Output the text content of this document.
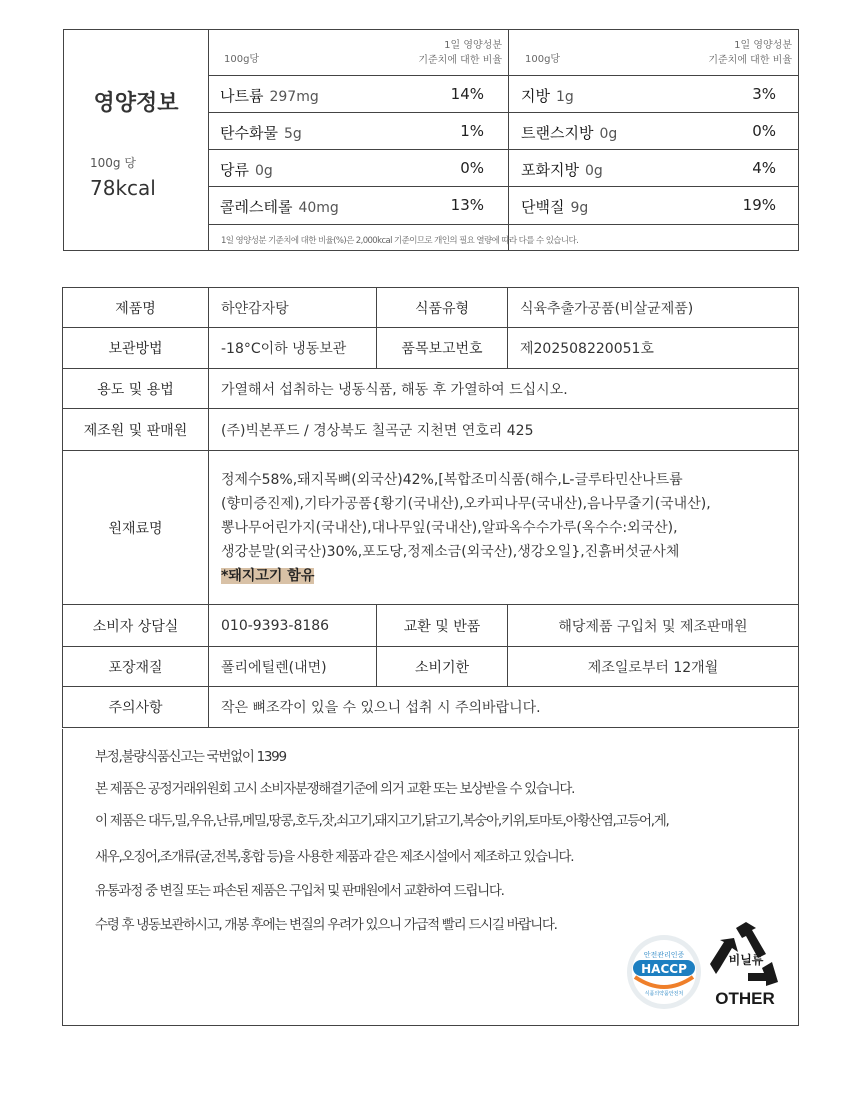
영양정보
100g 당
78kcal
100g당
1일 영양성분
기준치에 대한 비율
나트륨 297mg	14%
탄수화물 5g	1%
당류 0g	0%
콜레스테롤 40mg	13%
100g당
1일 영양성분
기준치에 대한 비율
지방 1g	3%
트랜스지방 0g	0%
포화지방 0g	4%
단백질 9g	19%
1일 영양성분 기준치에 대한 비율(%)은 2,000kcal 기준이므로 개인의 필요 열량에 따라 다를 수 있습니다.
제품명	하얀감자탕	식품유형	식육추출가공품(비살균제품)
보관방법	-18°C이하 냉동보관	품목보고번호	제202508220051호
용도 및 용법	가열해서 섭취하는 냉동식품, 해동 후 가열하여 드십시오.		
제조원 및 판매원	(주)빅본푸드 / 경상북도 칠곡군 지천면 연호리 425		
원재료명	정제수58%,돼지목뼈(외국산)42%,[복합조미식품(해수,L-글루타민산나트륨
(향미증진제),기타가공품{황기(국내산),오카피나무(국내산),음나무줄기(국내산),
뽕나무어린가지(국내산),대나무잎(국내산),알파옥수수가루(옥수수:외국산),
생강분말(외국산)30%,포도당,정제소금(외국산),생강오일},진흙버섯균사체
*돼지고기 함유		

소비자 상담실	010-9393-8186	교환 및 반품	해당제품 구입처 및 제조판매원
포장재질	폴리에틸렌(내면)	소비기한	제조일로부터 12개월
주의사항	작은 뼈조각이 있을 수 있으니 섭취 시 주의바랍니다.		
부정,불량식품신고는 국번없이 1399
본 제품은 공정거래위원회 고시 소비자분쟁해결기준에 의거 교환 또는 보상받을 수 있습니다.
이 제품은 대두,밀,우유,난류,메밀,땅콩,호두,잣,쇠고기,돼지고기,닭고기,복숭아,키위,토마토,아황산염,고등어,게,
새우,오징어,조개류(굴,전복,홍합 등)을 사용한 제품과 같은 제조시설에서 제조하고 있습니다.
유통과정 중 변질 또는 파손된 제품은 구입처 및 판매원에서 교환하여 드립니다.
수령 후 냉동보관하시고, 개봉 후에는 변질의 우려가 있으니 가급적 빨리 드시길 바랍니다.
안전관리인증
HACCP
식품의약품안전처
비닐류
OTHER
